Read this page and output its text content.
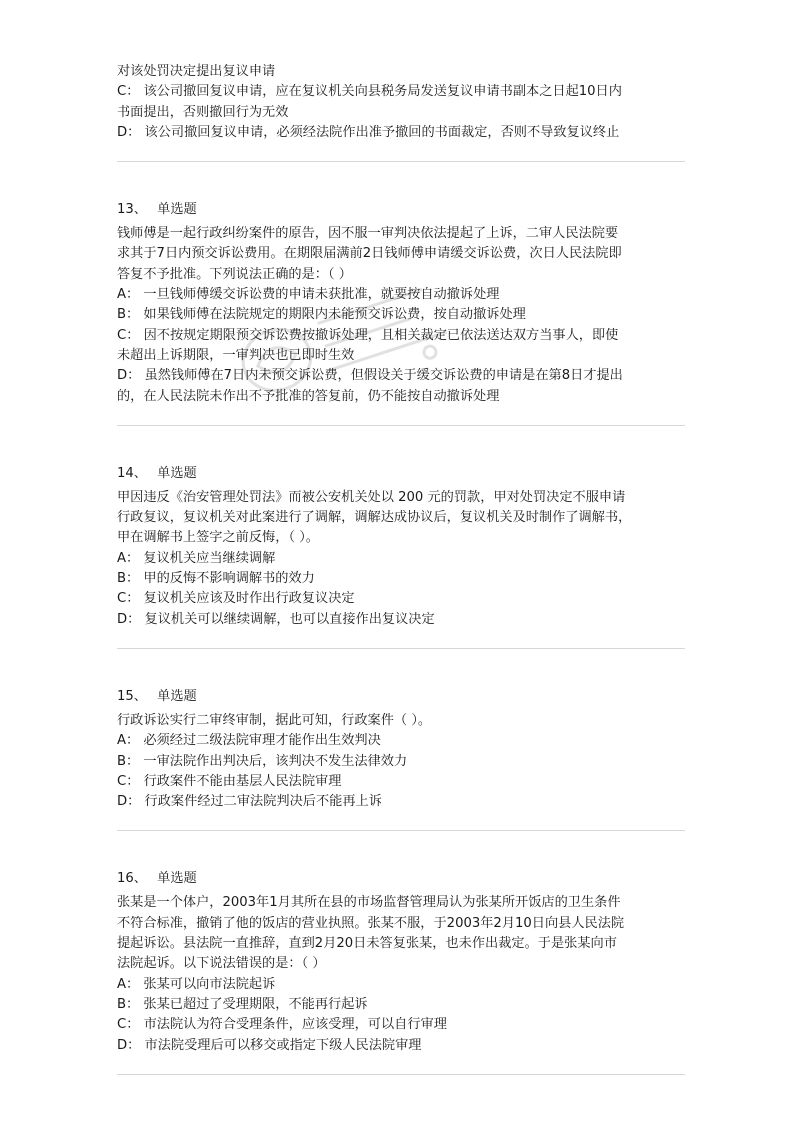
对该处罚决定提出复议申请
C： 该公司撤回复议申请，应在复议机关向县税务局发送复议申请书副本之日起10日内
书面提出，否则撤回行为无效
D： 该公司撤回复议申请，必须经法院作出准予撤回的书面裁定，否则不导致复议终止
13、 单选题
钱师傅是一起行政纠纷案件的原告，因不服一审判决依法提起了上诉，二审人民法院要
求其于7日内预交诉讼费用。在期限届满前2日钱师傅申请缓交诉讼费，次日人民法院即
答复不予批准。下列说法正确的是：（ ）
A： 一旦钱师傅缓交诉讼费的申请未获批准，就要按自动撤诉处理
B： 如果钱师傅在法院规定的期限内未能预交诉讼费，按自动撤诉处理
C： 因不按规定期限预交诉讼费按撤诉处理，且相关裁定已依法送达双方当事人，即使
未超出上诉期限，一审判决也已即时生效
D： 虽然钱师傅在7日内未预交诉讼费，但假设关于缓交诉讼费的申请是在第8日才提出
的，在人民法院未作出不予批准的答复前，仍不能按自动撤诉处理
14、 单选题
甲因违反《治安管理处罚法》而被公安机关处以 200 元的罚款，甲对处罚决定不服申请
行政复议，复议机关对此案进行了调解，调解达成协议后，复议机关及时制作了调解书，
甲在调解书上签字之前反悔，（ ）。
A： 复议机关应当继续调解
B： 甲的反悔不影响调解书的效力
C： 复议机关应该及时作出行政复议决定
D： 复议机关可以继续调解，也可以直接作出复议决定
15、 单选题
行政诉讼实行二审终审制，据此可知，行政案件（ ）。
A： 必须经过二级法院审理才能作出生效判决
B： 一审法院作出判决后，该判决不发生法律效力
C： 行政案件不能由基层人民法院审理
D： 行政案件经过二审法院判决后不能再上诉
16、 单选题
张某是一个体户，2003年1月其所在县的市场监督管理局认为张某所开饭店的卫生条件
不符合标准，撤销了他的饭店的营业执照。张某不服，于2003年2月10日向县人民法院
提起诉讼。县法院一直推辞，直到2月20日未答复张某，也未作出裁定。于是张某向市
法院起诉。以下说法错误的是：（ ）
A： 张某可以向市法院起诉
B： 张某已超过了受理期限，不能再行起诉
C： 市法院认为符合受理条件，应该受理，可以自行审理
D： 市法院受理后可以移交或指定下级人民法院审理
